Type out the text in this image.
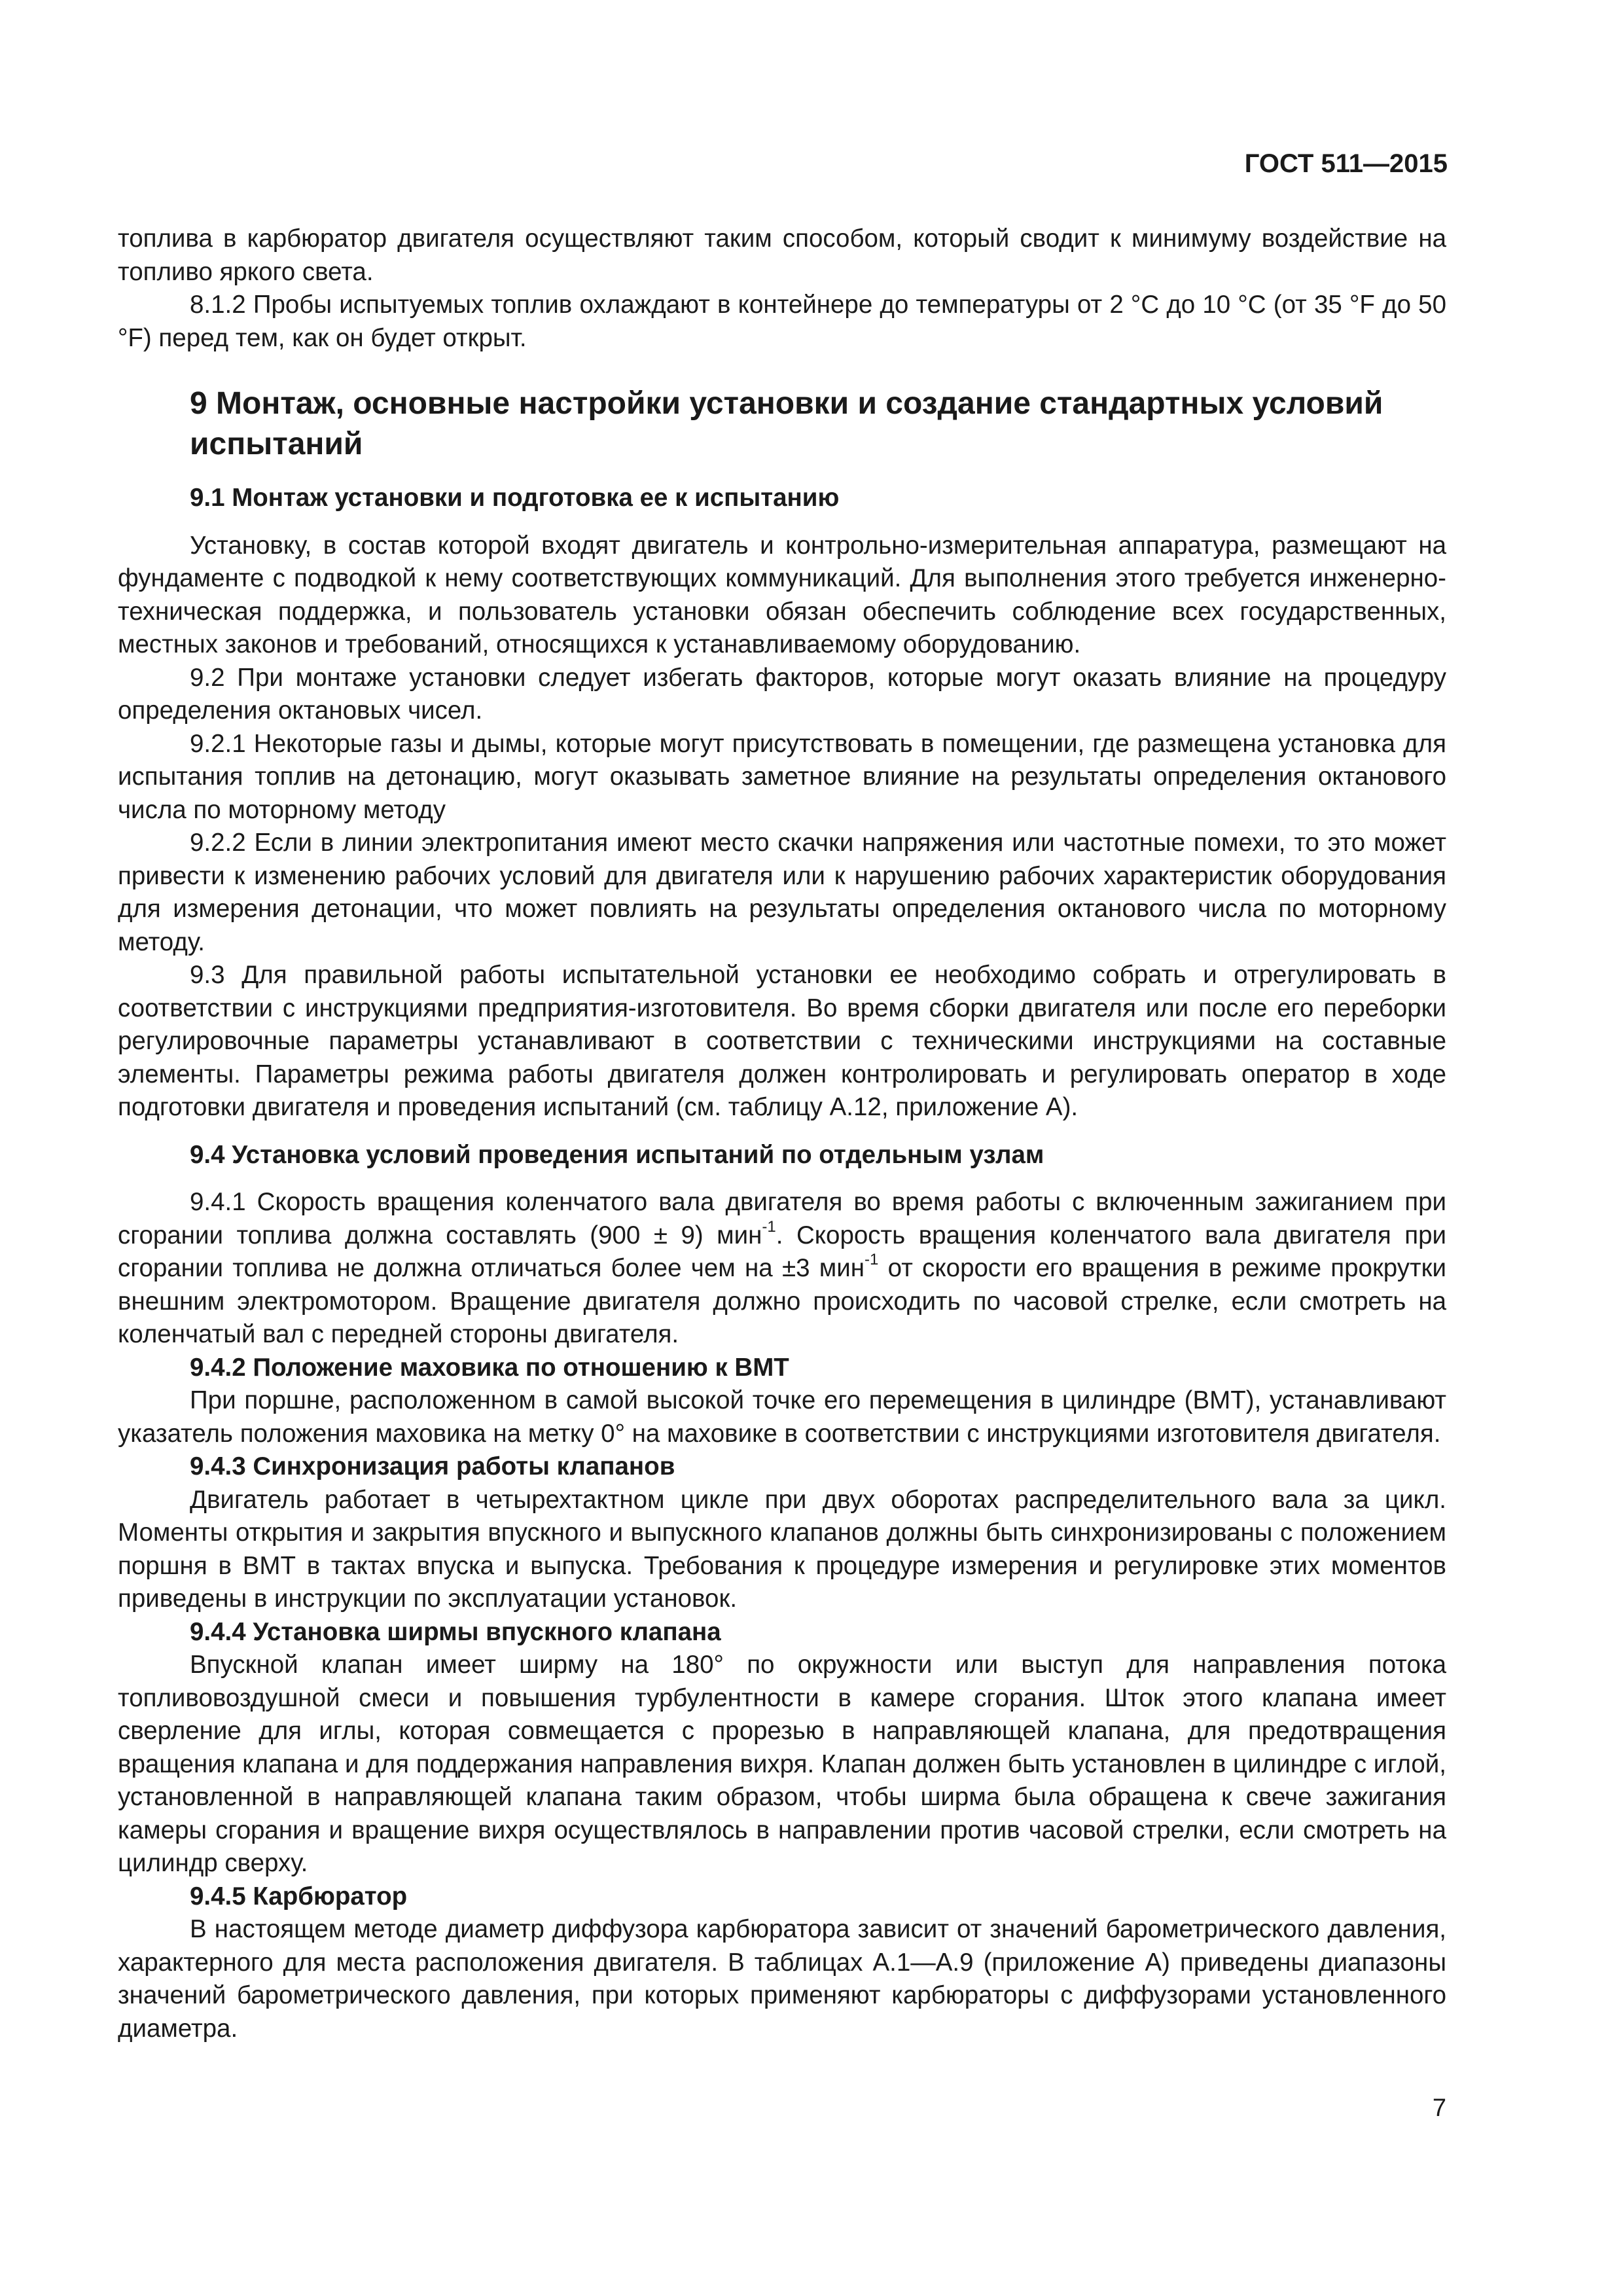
ГОСТ 511—2015

топлива в карбюратор двигателя осуществляют таким способом, который сводит к минимуму воздействие на топливо яркого света.

8.1.2 Пробы испытуемых топлив охлаждают в контейнере до температуры от 2 °С до 10 °С (от 35 °F до 50 °F) перед тем, как он будет открыт.

9 Монтаж, основные настройки установки и создание стандартных условий испытаний

9.1 Монтаж установки и подготовка ее к испытанию

Установку, в состав которой входят двигатель и контрольно-измерительная аппаратура, размещают на фундаменте с подводкой к нему соответствующих коммуникаций. Для выполнения этого требуется инженерно-техническая поддержка, и пользователь установки обязан обеспечить соблюдение всех государственных, местных законов и требований, относящихся к устанавливаемому оборудованию.

9.2 При монтаже установки следует избегать факторов, которые могут оказать влияние на процедуру определения октановых чисел.

9.2.1 Некоторые газы и дымы, которые могут присутствовать в помещении, где размещена установка для испытания топлив на детонацию, могут оказывать заметное влияние на результаты определения октанового числа по моторному методу

9.2.2 Если в линии электропитания имеют место скачки напряжения или частотные помехи, то это может привести к изменению рабочих условий для двигателя или к нарушению рабочих характеристик оборудования для измерения детонации, что может повлиять на результаты определения октанового числа по моторному методу.

9.3 Для правильной работы испытательной установки ее необходимо собрать и отрегулировать в соответствии с инструкциями предприятия-изготовителя. Во время сборки двигателя или после его переборки регулировочные параметры устанавливают в соответствии с техническими инструкциями на составные элементы. Параметры режима работы двигателя должен контролировать и регулировать оператор в ходе подготовки двигателя и проведения испытаний (см. таблицу А.12, приложение А).

9.4 Установка условий проведения испытаний по отдельным узлам

9.4.1 Скорость вращения коленчатого вала двигателя во время работы с включенным зажиганием при сгорании топлива должна составлять (900 ± 9) мин$^{-1}$. Скорость вращения коленчатого вала двигателя при сгорании топлива не должна отличаться более чем на ±3 мин$^{-1}$ от скорости его вращения в режиме прокрутки внешним электромотором. Вращение двигателя должно происходить по часовой стрелке, если смотреть на коленчатый вал с передней стороны двигателя.

9.4.2 Положение маховика по отношению к ВМТ

При поршне, расположенном в самой высокой точке его перемещения в цилиндре (ВМТ), устанавливают указатель положения маховика на метку 0° на маховике в соответствии с инструкциями изготовителя двигателя.

9.4.3 Синхронизация работы клапанов

Двигатель работает в четырехтактном цикле при двух оборотах распределительного вала за цикл. Моменты открытия и закрытия впускного и выпускного клапанов должны быть синхронизированы с положением поршня в ВМТ в тактах впуска и выпуска. Требования к процедуре измерения и регулировке этих моментов приведены в инструкции по эксплуатации установок.

9.4.4 Установка ширмы впускного клапана

Впускной клапан имеет ширму на 180° по окружности или выступ для направления потока топливовоздушной смеси и повышения турбулентности в камере сгорания. Шток этого клапана имеет сверление для иглы, которая совмещается с прорезью в направляющей клапана, для предотвращения вращения клапана и для поддержания направления вихря. Клапан должен быть установлен в цилиндре с иглой, установленной в направляющей клапана таким образом, чтобы ширма была обращена к свече зажигания камеры сгорания и вращение вихря осуществлялось в направлении против часовой стрелки, если смотреть на цилиндр сверху.

9.4.5 Карбюратор

В настоящем методе диаметр диффузора карбюратора зависит от значений барометрического давления, характерного для места расположения двигателя. В таблицах А.1—А.9 (приложение А) приведены диапазоны значений барометрического давления, при которых применяют карбюраторы с диффузорами установленного диаметра.

7
